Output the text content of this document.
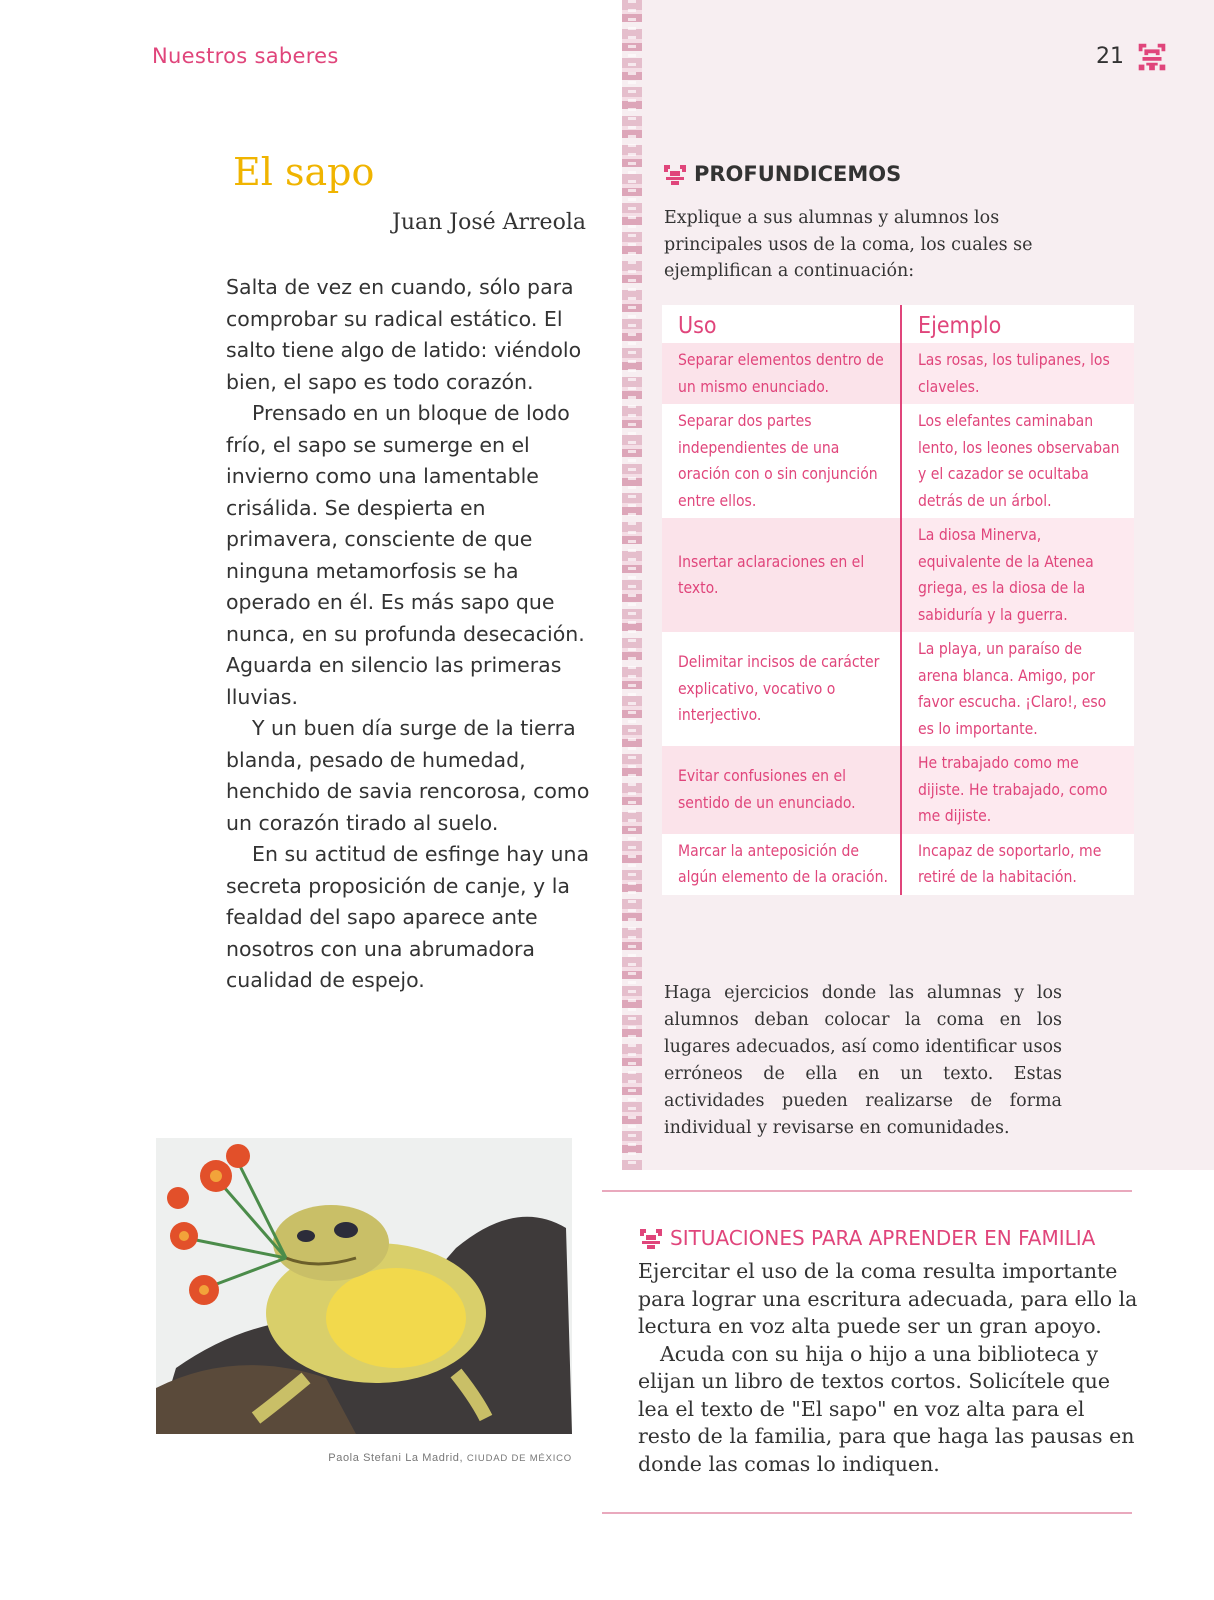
Nuestros saberes	21
El sapo
Juan José Arreola

Salta de vez en cuando, sólo para comprobar su radical estático. El salto tiene algo de latido: viéndolo bien, el sapo es todo corazón.

Prensado en un bloque de lodo frío, el sapo se sumerge en el invierno como una lamentable crisálida. Se despierta en primavera, consciente de que ninguna metamorfosis se ha operado en él. Es más sapo que nunca, en su profunda desecación. Aguarda en silencio las primeras lluvias.

Y un buen día surge de la tierra blanda, pesado de humedad, henchido de savia rencorosa, como un corazón tirado al suelo.

En su actitud de esfinge hay una secreta proposición de canje, y la fealdad del sapo aparece ante nosotros con una abrumadora cualidad de espejo.

Paola Stefani La Madrid, CIUDAD DE MÉXICO
PROFUNDICEMOS
Explique a sus alumnas y alumnos los principales usos de la coma, los cuales se ejemplifican a continuación:
Uso	Ejemplo
Separar elementos dentro de un mismo enunciado.	Las rosas, los tulipanes, los claveles.
Separar dos partes independientes de una oración con o sin conjunción entre ellos.	Los elefantes caminaban lento, los leones observaban y el cazador se ocultaba detrás de un árbol.
Insertar aclaraciones en el texto.	La diosa Minerva, equivalente de la Atenea griega, es la diosa de la sabiduría y la guerra.
Delimitar incisos de carácter explicativo, vocativo o interjectivo.	La playa, un paraíso de arena blanca. Amigo, por favor escucha. ¡Claro!, eso es lo importante.
Evitar confusiones en el sentido de un enunciado.	He trabajado como me dijiste. He trabajado, como me dijiste.
Marcar la anteposición de algún elemento de la oración.	Incapaz de soportarlo, me retiré de la habitación.
Haga ejercicios donde las alumnas y los alumnos deban colocar la coma en los lugares adecuados, así como identificar usos erróneos de ella en un texto. Estas actividades pueden realizarse de forma individual y revisarse en comunidades.
SITUACIONES PARA APRENDER EN FAMILIA

Ejercitar el uso de la coma resulta importante para lograr una escritura adecuada, para ello la lectura en voz alta puede ser un gran apoyo.

Acuda con su hija o hijo a una biblioteca y elijan un libro de textos cortos. Solicítele que lea el texto de "El sapo" en voz alta para el resto de la familia, para que haga las pausas en donde las comas lo indiquen.
